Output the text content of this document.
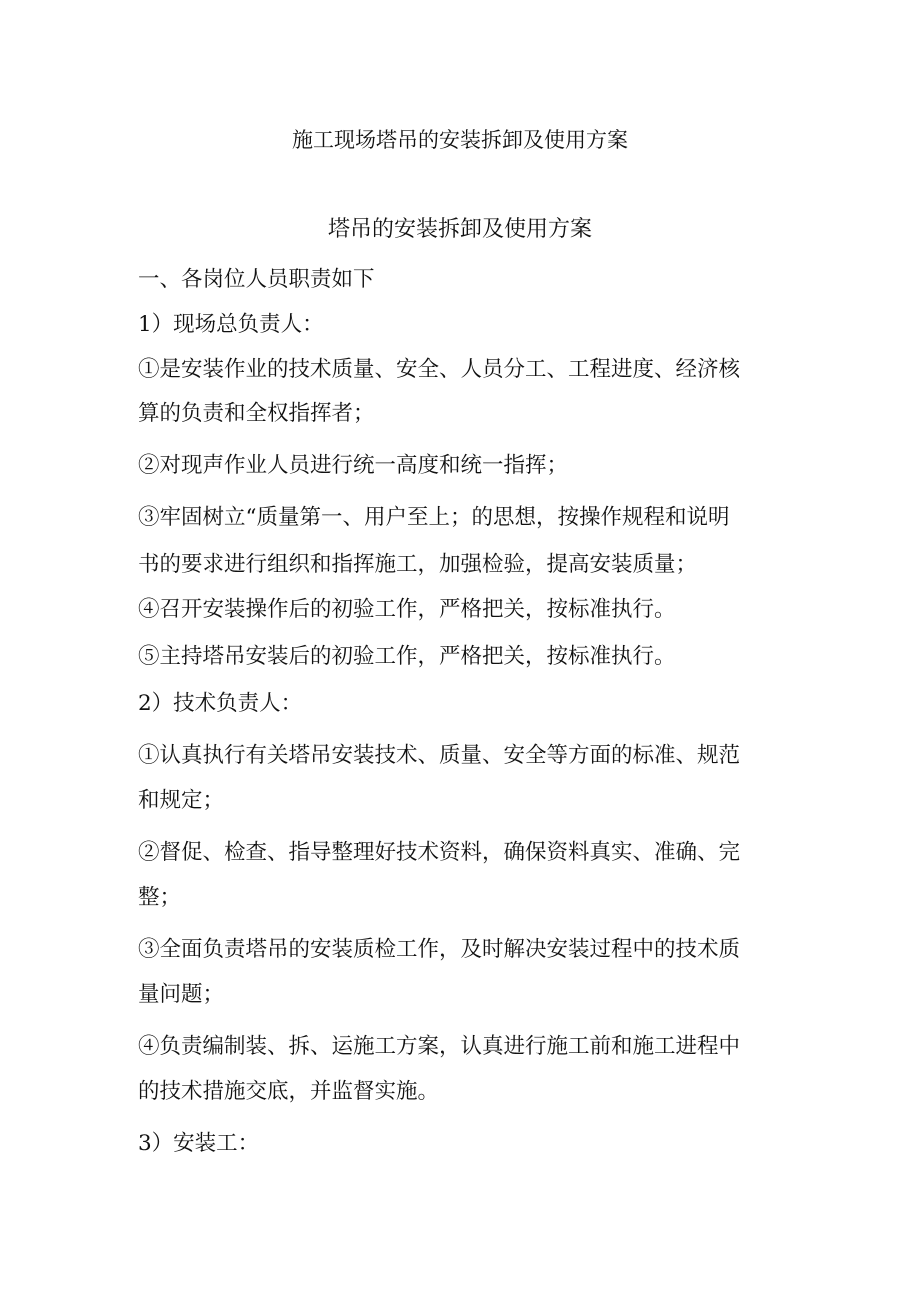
施工现场塔吊的安装拆卸及使用方案
塔吊的安装拆卸及使用方案

一、各岗位人员职责如下

1）现场总负责人：

①是安装作业的技术质量、安全、人员分工、工程进度、经济核

算的负责和全权指挥者；

②对现声作业人员进行统一高度和统一指挥；

③牢固树立“质量第一、用户至上；的思想，按操作规程和说明

书的要求进行组织和指挥施工，加强检验，提高安装质量；

④召开安装操作后的初验工作，严格把关，按标准执行。

⑤主持塔吊安装后的初验工作，严格把关，按标准执行。

2）技术负责人：

①认真执行有关塔吊安装技术、质量、安全等方面的标准、规范

和规定；

②督促、检查、指导整理好技术资料，确保资料真实、准确、完

整；

③全面负责塔吊的安装质检工作，及时解决安装过程中的技术质

量问题；

④负责编制装、拆、运施工方案，认真进行施工前和施工进程中

的技术措施交底，并监督实施。

3）安装工：
